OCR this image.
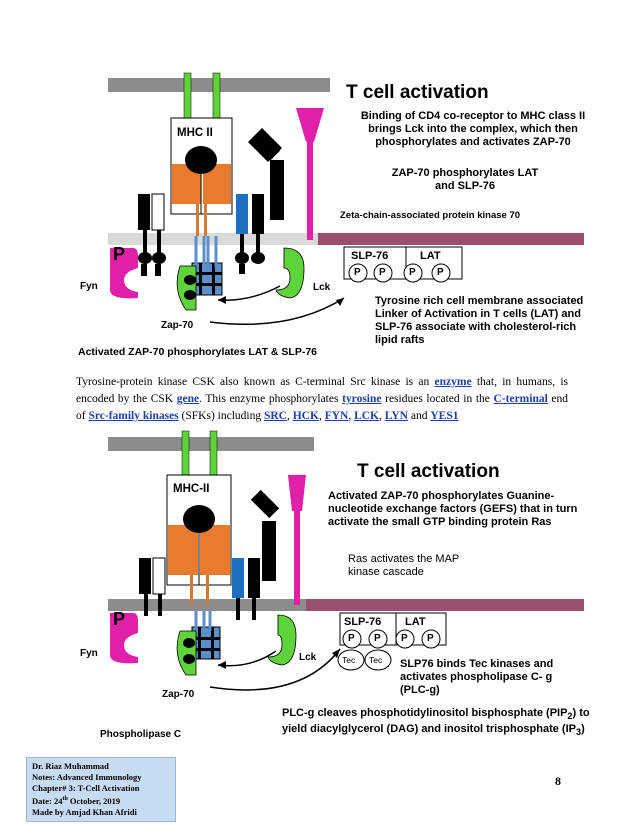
T cell activation
Binding of CD4 co-receptor to MHC class II brings Lck into the complex, which then phosphorylates and activates ZAP-70
ZAP-70 phosphorylates LAT and SLP-76
Zeta-chain-associated protein kinase 70
MHC II
Fyn	Lck
Zap-70
P	SLP-76	LAT
P P P P
Tyrosine rich cell membrane associated Linker of Activation in T cells (LAT) and SLP-76 associate with cholesterol-rich lipid rafts
Activated ZAP-70 phosphorylates LAT & SLP-76
Tyrosine-protein kinase CSK also known as C-terminal Src kinase is an enzyme that, in humans, is encoded by the CSK gene. This enzyme phosphorylates tyrosine residues located in the C-terminal end of Src-family kinases (SFKs) including SRC, HCK, FYN, LCK, LYN and YES1
T cell activation
Activated ZAP-70 phosphorylates Guanine-nucleotide exchange factors (GEFS) that in turn activate the small GTP binding protein Ras
Ras activates the MAP kinase cascade
MHC-II
Fyn	Lck
Zap-70
P	SLP-76 LAT
P P P P
Tec Tec SLP76 binds Tec kinases and activates phospholipase C- g (PLC-g)
PLC-g cleaves phosphotidylinositol bisphosphate $(PIP_2)$ to yield diacylglycerol (DAG) and inositol trisphosphate $(IP_3)$
Phospholipase C
Dr. Riaz Muhammad
Notes: Advanced Immunology
Chapter# 3: T-Cell Activation
Date: 24th October, 2019
Made by Amjad Khan Afridi
8
